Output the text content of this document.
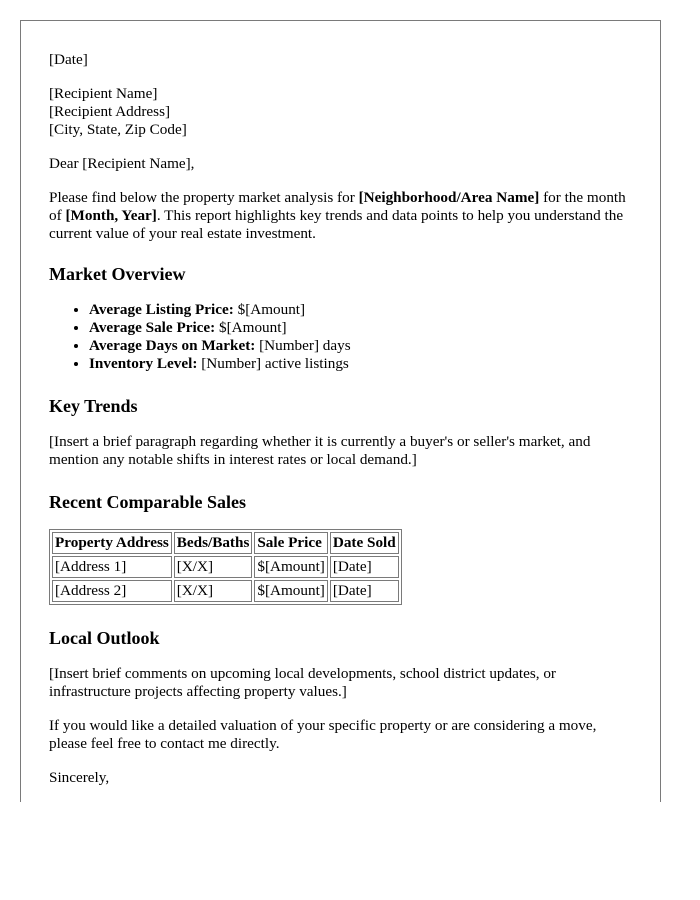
[Date]

[Recipient Name]
[Recipient Address]
[City, State, Zip Code]

Dear [Recipient Name],

Please find below the property market analysis for [Neighborhood/Area Name] for the month of [Month, Year]. This report highlights key trends and data points to help you understand the current value of your real estate investment.

Market Overview
• Average Listing Price: $[Amount]
• Average Sale Price: $[Amount]
• Average Days on Market: [Number] days
• Inventory Level: [Number] active listings
Key Trends

[Insert a brief paragraph regarding whether it is currently a buyer's or seller's market, and mention any notable shifts in interest rates or local demand.]

Recent Comparable Sales
Property Address	Beds/Baths	Sale Price	Date Sold
[Address 1]	[X/X]	$[Amount]	[Date]
[Address 2]	[X/X]	$[Amount]	[Date]
Local Outlook

[Insert brief comments on upcoming local developments, school district updates, or infrastructure projects affecting property values.]

If you would like a detailed valuation of your specific property or are considering a move, please feel free to contact me directly.

Sincerely,
